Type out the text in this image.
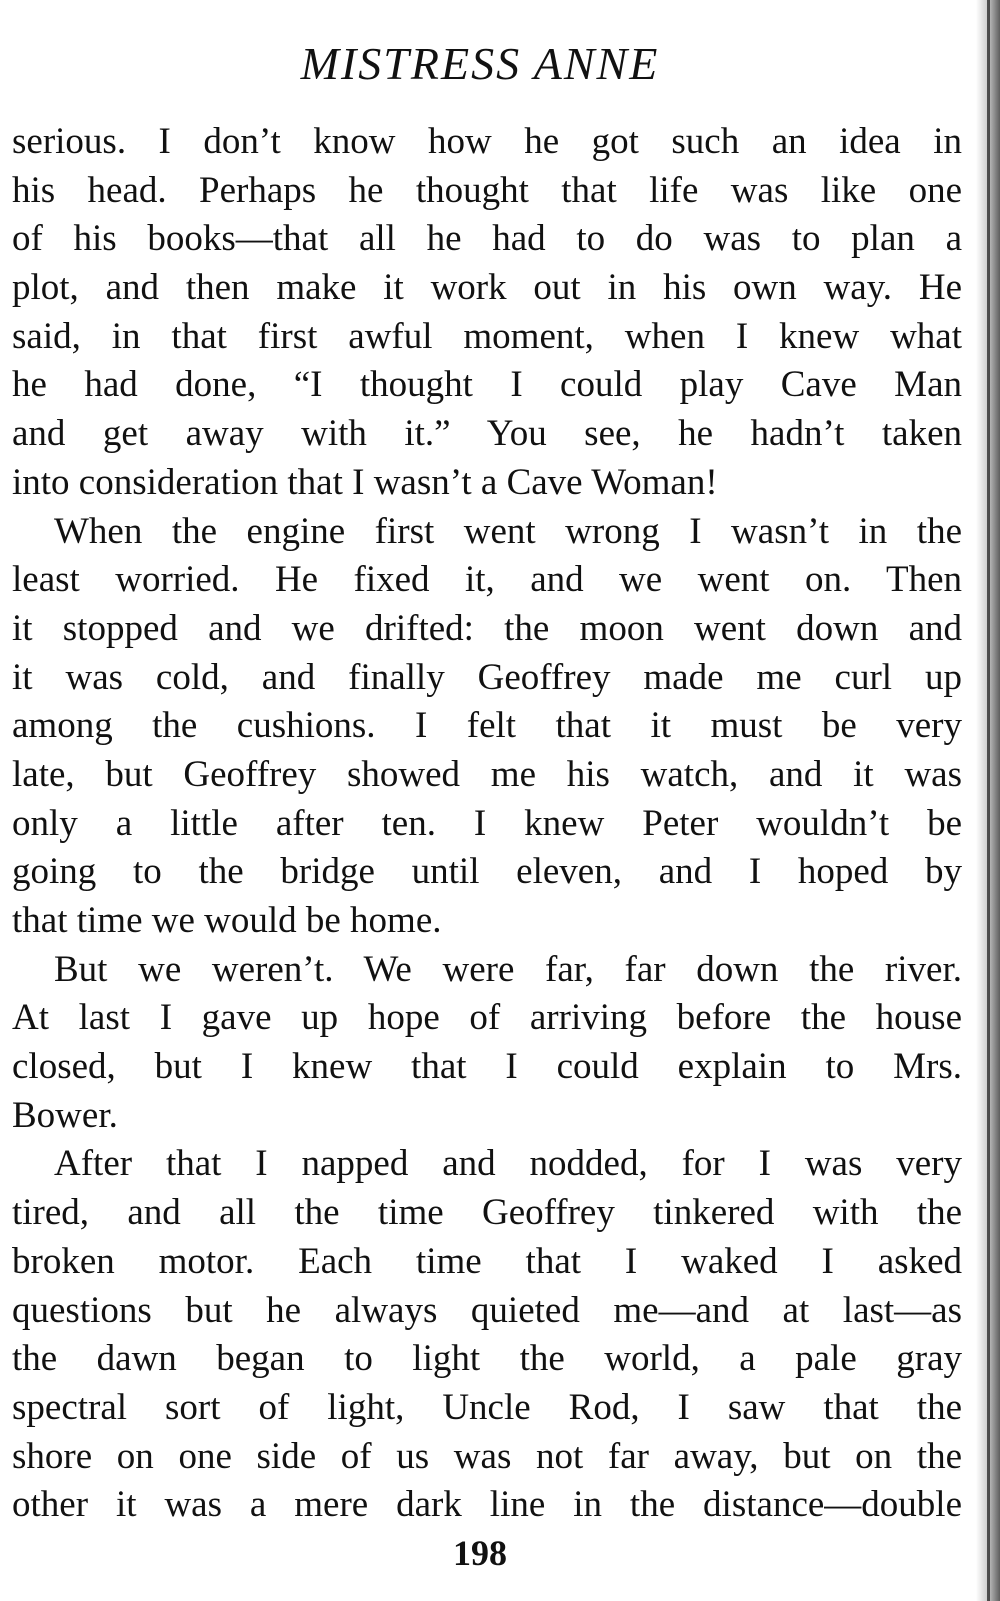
MISTRESS ANNE
serious. I don’t know how he got such an idea in
his head. Perhaps he thought that life was like one
of his books—that all he had to do was to plan a
plot, and then make it work out in his own way. He
said, in that first awful moment, when I knew what
he had done, “I thought I could play Cave Man
and get away with it.” You see, he hadn’t taken
into consideration that I wasn’t a Cave Woman!
When the engine first went wrong I wasn’t in the
least worried. He fixed it, and we went on. Then
it stopped and we drifted: the moon went down and
it was cold, and finally Geoffrey made me curl up
among the cushions. I felt that it must be very
late, but Geoffrey showed me his watch, and it was
only a little after ten. I knew Peter wouldn’t be
going to the bridge until eleven, and I hoped by
that time we would be home.
But we weren’t. We were far, far down the river.
At last I gave up hope of arriving before the house
closed, but I knew that I could explain to Mrs.
Bower.
After that I napped and nodded, for I was very
tired, and all the time Geoffrey tinkered with the
broken motor. Each time that I waked I asked
questions but he always quieted me—and at last—as
the dawn began to light the world, a pale gray
spectral sort of light, Uncle Rod, I saw that the
shore on one side of us was not far away, but on the
other it was a mere dark line in the distance—double
198
